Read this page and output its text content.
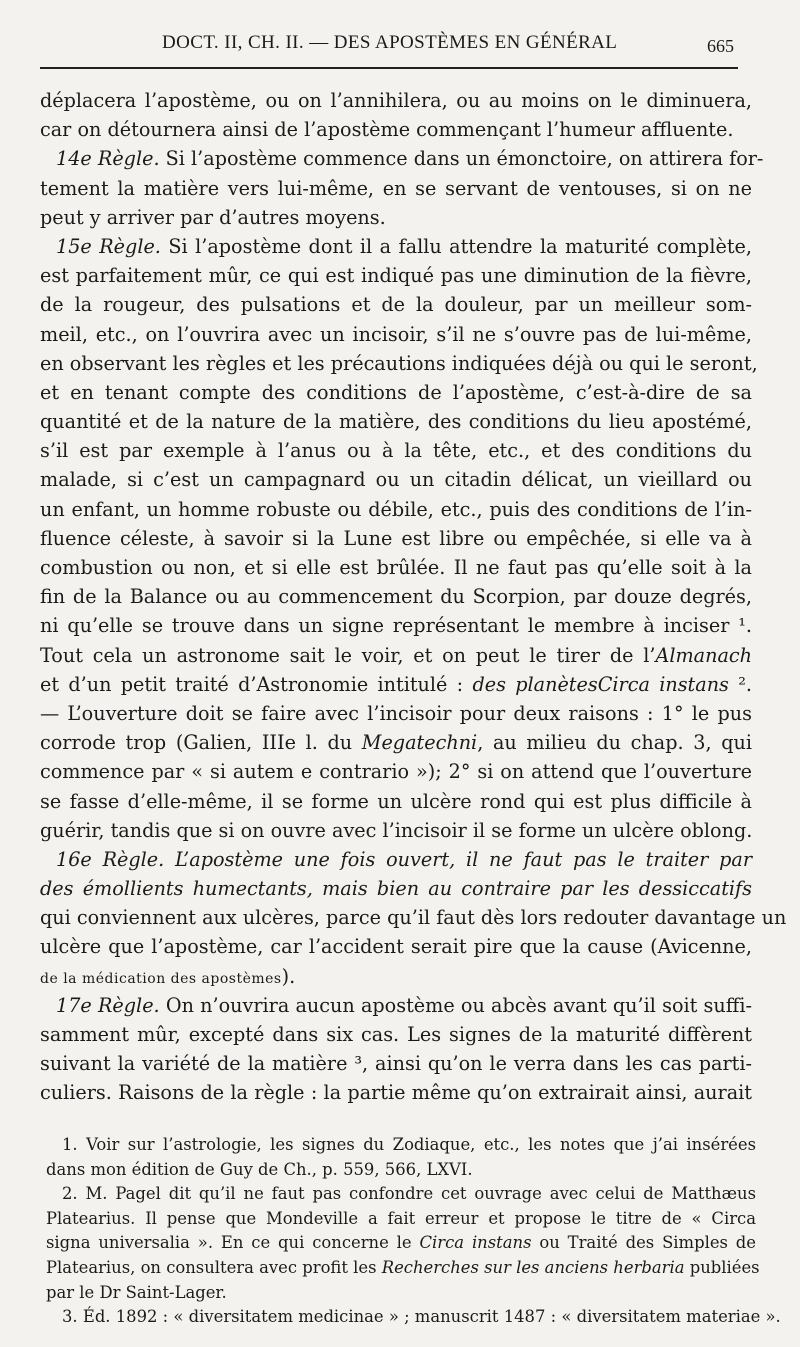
DOCT. II, CH. II. — DES APOSTÈMES EN GÉNÉRAL	665
déplacera l’apostème, ou on l’annihilera, ou au moins on le diminuera,
car on détournera ainsi de l’apostème commençant l’humeur affluente.
14e Règle. Si l’apostème commence dans un émonctoire, on attirera for-
tement la matière vers lui-même, en se servant de ventouses, si on ne
peut y arriver par d’autres moyens.
15e Règle. Si l’apostème dont il a fallu attendre la maturité complète,
est parfaitement mûr, ce qui est indiqué pas une diminution de la fièvre,
de la rougeur, des pulsations et de la douleur, par un meilleur som-
meil, etc., on l’ouvrira avec un incisoir, s’il ne s’ouvre pas de lui-même,
en observant les règles et les précautions indiquées déjà ou qui le seront,
et en tenant compte des conditions de l’apostème, c’est-à-dire de sa
quantité et de la nature de la matière, des conditions du lieu apostémé,
s’il est par exemple à l’anus ou à la tête, etc., et des conditions du
malade, si c’est un campagnard ou un citadin délicat, un vieillard ou
un enfant, un homme robuste ou débile, etc., puis des conditions de l’in-
fluence céleste, à savoir si la Lune est libre ou empêchée, si elle va à
combustion ou non, et si elle est brûlée. Il ne faut pas qu’elle soit à la
fin de la Balance ou au commencement du Scorpion, par douze degrés,
ni qu’elle se trouve dans un signe représentant le membre à inciser ¹.
Tout cela un astronome sait le voir, et on peut le tirer de l’Almanach
et d’un petit traité d’Astronomie intitulé : des planètesCirca instans ².
— L’ouverture doit se faire avec l’incisoir pour deux raisons : 1° le pus
corrode trop (Galien, IIIe l. du Megatechni, au milieu du chap. 3, qui
commence par « si autem e contrario »); 2° si on attend que l’ouverture
se fasse d’elle-même, il se forme un ulcère rond qui est plus difficile à
guérir, tandis que si on ouvre avec l’incisoir il se forme un ulcère oblong.
16e Règle. L’apostème une fois ouvert, il ne faut pas le traiter par
des émollients humectants, mais bien au contraire par les dessiccatifs
qui conviennent aux ulcères, parce qu’il faut dès lors redouter davantage un
ulcère que l’apostème, car l’accident serait pire que la cause (Avicenne,
de la médication des apostèmes).
17e Règle. On n’ouvrira aucun apostème ou abcès avant qu’il soit suffi-
samment mûr, excepté dans six cas. Les signes de la maturité diffèrent
suivant la variété de la matière ³, ainsi qu’on le verra dans les cas parti-
culiers. Raisons de la règle : la partie même qu’on extrairait ainsi, aurait
1. Voir sur l’astrologie, les signes du Zodiaque, etc., les notes que j’ai insérées
dans mon édition de Guy de Ch., p. 559, 566, LXVI.
2. M. Pagel dit qu’il ne faut pas confondre cet ouvrage avec celui de Matthæus
Platearius. Il pense que Mondeville a fait erreur et propose le titre de « Circa
signa universalia ». En ce qui concerne le Circa instans ou Traité des Simples de
Platearius, on consultera avec profit les Recherches sur les anciens herbaria publiées
par le Dr Saint-Lager.
3. Éd. 1892 : « diversitatem medicinae » ; manuscrit 1487 : « diversitatem materiae ».
